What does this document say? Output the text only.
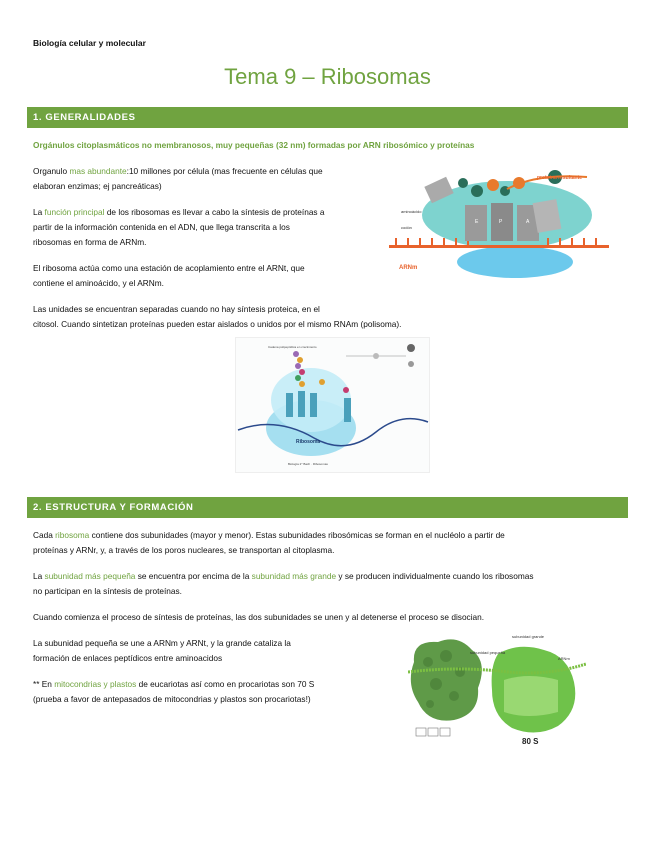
Biología celular y molecular
Tema 9 – Ribosomas
1. GENERALIDADES
Orgánulos citoplasmáticos no membranosos, muy pequeñas (32 nm) formadas por ARN ribosómico y proteínas
Organulo mas abundante:10 millones por célula (mas frecuente en células que
elaboran enzimas; ej pancreáticas)
La función principal de los ribosomas es llevar a cabo la síntesis de proteínas a
partir de la información contenida en el ADN, que llega transcrita a los
ribosomas en forma de ARNm.
El ribosoma actúa como una estación de acoplamiento entre el ARNt, que
contiene el aminoácido, y el ARNm.
Las unidades se encuentran separadas cuando no hay síntesis proteica, en el
citosol. Cuando sintetizan proteínas pueden estar aislados o unidos por el mismo RNAm (polisoma).
proteína resultante
ARNm
E	P	A
aminoácido
codón
Ribosoma
Cadena polipeptídica en crecimiento
Biología 2° Bach · Ribosomas
2. ESTRUCTURA Y FORMACIÓN
Cada ribosoma contiene dos subunidades (mayor y menor). Estas subunidades ribosómicas se forman en el nucléolo a partir de
proteínas y ARNr, y, a través de los poros nucleares, se transportan al citoplasma.
La subunidad más pequeña se encuentra por encima de la subunidad más grande y se producen individualmente cuando los ribosomas
no participan en la síntesis de proteínas.
Cuando comienza el proceso de síntesis de proteínas, las dos subunidades se unen y al detenerse el proceso se disocian.
La subunidad pequeña se une a ARNm y ARNt, y la grande cataliza la
formación de enlaces peptídicos entre aminoacidos
** En mitocondrias y plastos de eucariotas así como en procariotas son 70 S
(prueba a favor de antepasados de mitocondrias y plastos son procariotas!)
subunidad grande
subunidad pequeña
ARNm
80 S
